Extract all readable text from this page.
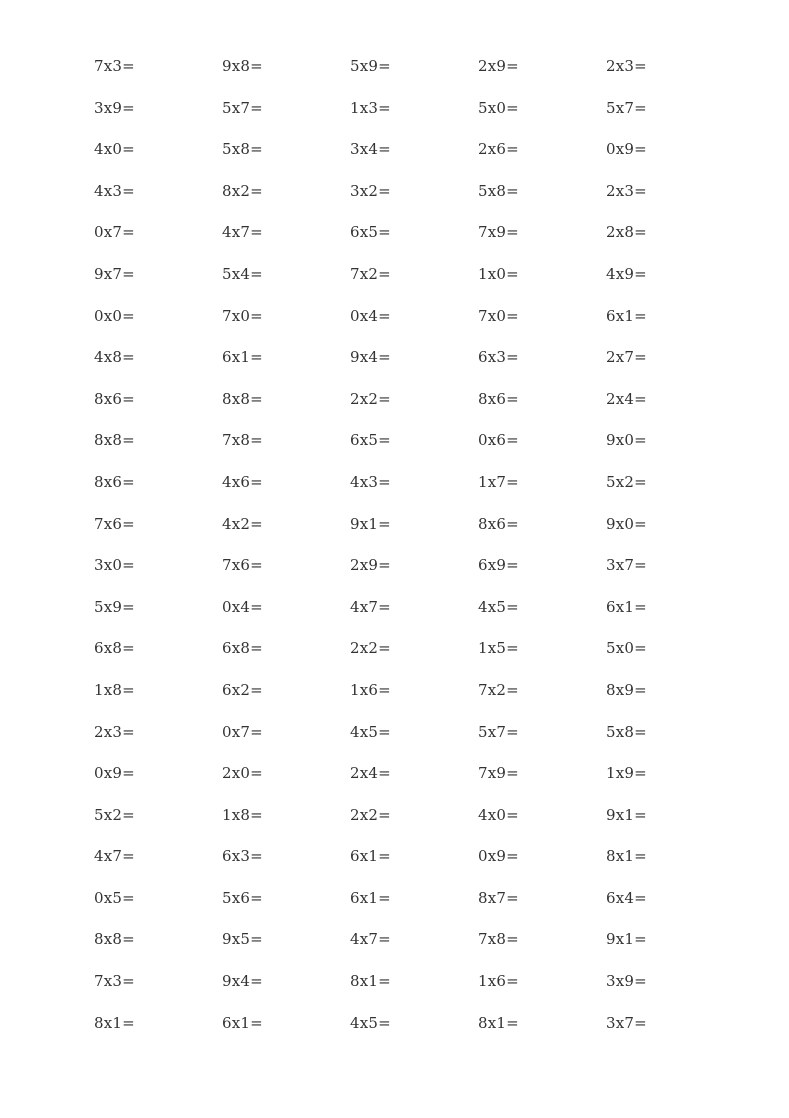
7x3=	9x8=	5x9=	2x9=	2x3=
3x9=	5x7=	1x3=	5x0=	5x7=
4x0=	5x8=	3x4=	2x6=	0x9=
4x3=	8x2=	3x2=	5x8=	2x3=
0x7=	4x7=	6x5=	7x9=	2x8=
9x7=	5x4=	7x2=	1x0=	4x9=
0x0=	7x0=	0x4=	7x0=	6x1=
4x8=	6x1=	9x4=	6x3=	2x7=
8x6=	8x8=	2x2=	8x6=	2x4=
8x8=	7x8=	6x5=	0x6=	9x0=
8x6=	4x6=	4x3=	1x7=	5x2=
7x6=	4x2=	9x1=	8x6=	9x0=
3x0=	7x6=	2x9=	6x9=	3x7=
5x9=	0x4=	4x7=	4x5=	6x1=
6x8=	6x8=	2x2=	1x5=	5x0=
1x8=	6x2=	1x6=	7x2=	8x9=
2x3=	0x7=	4x5=	5x7=	5x8=
0x9=	2x0=	2x4=	7x9=	1x9=
5x2=	1x8=	2x2=	4x0=	9x1=
4x7=	6x3=	6x1=	0x9=	8x1=
0x5=	5x6=	6x1=	8x7=	6x4=
8x8=	9x5=	4x7=	7x8=	9x1=
7x3=	9x4=	8x1=	1x6=	3x9=
8x1=	6x1=	4x5=	8x1=	3x7=
